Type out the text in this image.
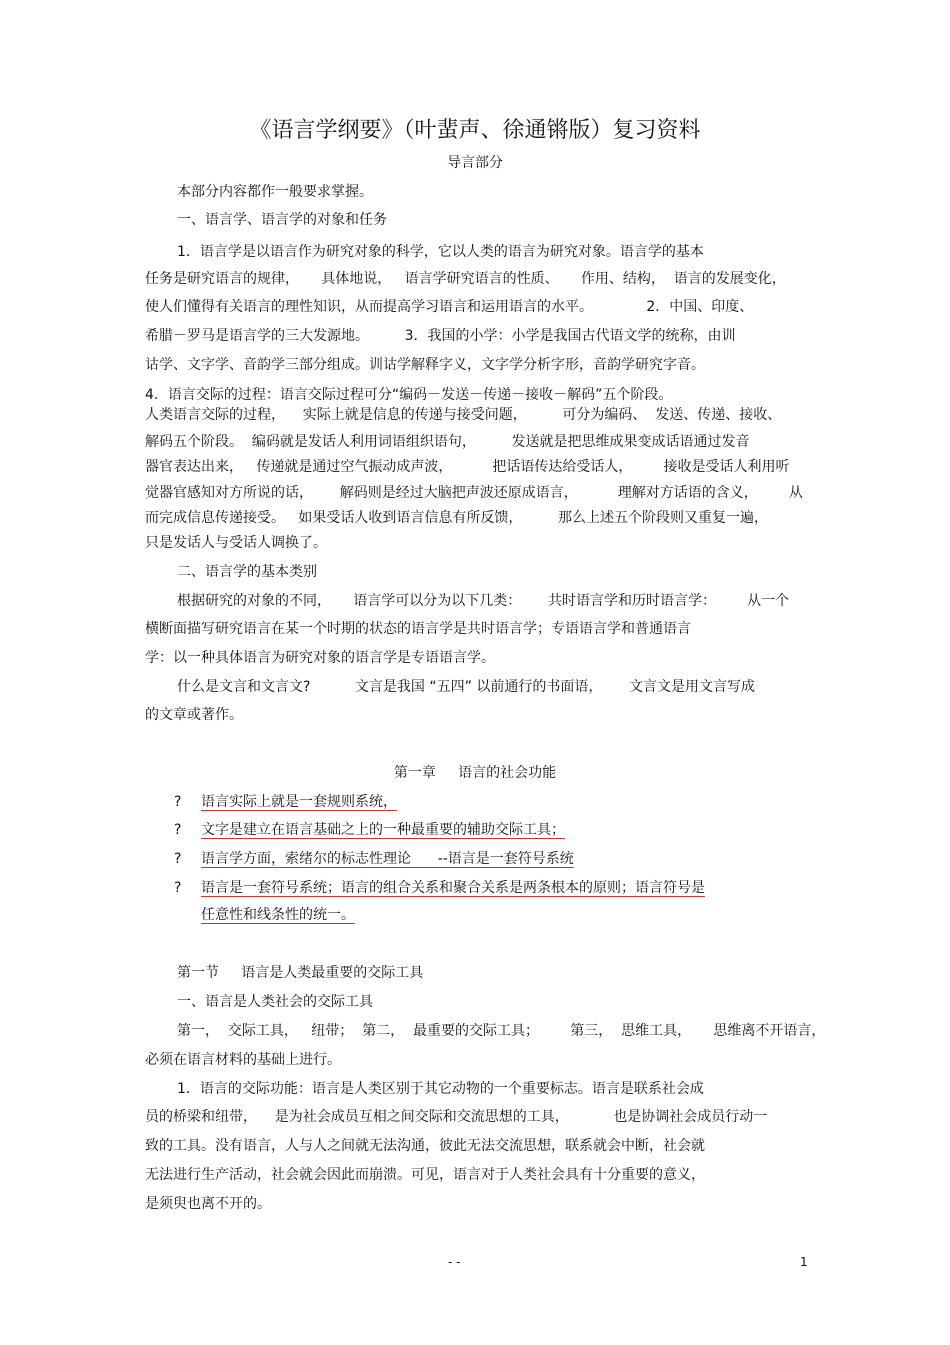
《语言学纲要》（叶蜚声、徐通锵版）复习资料
导言部分
本部分内容都作一般要求掌握。
一、语言学、语言学的对象和任务
1．语言学是以语言作为研究对象的科学，它以人类的语言为研究对象。语言学的基本
任务是研究语言的规律，     具体地说，   语言学研究语言的性质、     作用、结构，  语言的发展变化，
使人们懂得有关语言的理性知识，从而提高学习语言和运用语言的水平。            2．中国、印度、
希腊－罗马是语言学的三大发源地。        3．我国的小学：小学是我国古代语文学的统称，由训
诂学、文字学、音韵学三部分组成。训诂学解释字义，文字学分析字形，音韵学研究字音。
4．语言交际的过程：语言交际过程可分“编码－发送－传递－接收－解码”五个阶段。
人类语言交际的过程，    实际上就是信息的传递与接受问题，        可分为编码、  发送、传递、接收、
解码五个阶段。  编码就是发话人利用词语组织语句，        发送就是把思维成果变成话语通过发音
器官表达出来，   传递就是通过空气振动成声波，         把话语传达给受话人，       接收是受话人利用听
觉器官感知对方所说的话，      解码则是经过大脑把声波还原成语言，         理解对方话语的含义，       从
而完成信息传递接受。   如果受话人收到语言信息有所反馈，        那么上述五个阶段则又重复一遍，
只是发话人与受话人调换了。
二、语言学的基本类别
根据研究的对象的不同，     语言学可以分为以下几类：      共时语言学和历时语言学：       从一个
横断面描写研究语言在某一个时期的状态的语言学是共时语言学；专语语言学和普通语言
学：以一种具体语言为研究对象的语言学是专语语言学。
什么是文言和文言文?          文言是我国 “五四” 以前通行的书面语，      文言文是用文言写成
的文章或著作。
第一章     语言的社会功能
? 语言实际上就是一套规则系统，
? 文字是建立在语言基础之上的一种最重要的辅助交际工具；
? 语言学方面，索绪尔的标志性理论      --语言是一套符号系统
? 语言是一套符号系统；语言的组合关系和聚合关系是两条根本的原则；语言符号是
任意性和线条性的统一。
第一节     语言是人类最重要的交际工具
一、语言是人类社会的交际工具
第一，  交际工具，   纽带；  第二，  最重要的交际工具；       第三，  思维工具，     思维离不开语言，
必须在语言材料的基础上进行。
1．语言的交际功能：语言是人类区别于其它动物的一个重要标志。语言是联系社会成
员的桥梁和纽带，    是为社会成员互相之间交际和交流思想的工具，          也是协调社会成员行动一
致的工具。没有语言，人与人之间就无法沟通，彼此无法交流思想，联系就会中断，社会就
无法进行生产活动，社会就会因此而崩溃。可见，语言对于人类社会具有十分重要的意义，
是须臾也离不开的。
- -	1
